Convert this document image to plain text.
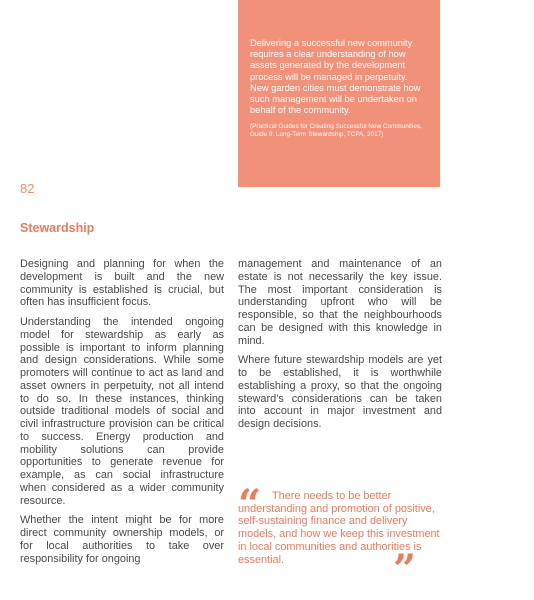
Delivering a successful new community requires a clear understanding of how assets generated by the development process will be managed in perpetuity. New garden cities must demonstrate how such management will be undertaken on behalf of the community.

(Practical Guides for Creating Successful New Communities, Guide 9: Long-Term Stewardship, TCPA, 2017)

82
Stewardship

Designing and planning for when the development is built and the new community is established is crucial, but often has insufficient focus.

Understanding the intended ongoing model for stewardship as early as possible is important to inform planning and design considerations. While some promoters will continue to act as land and asset owners in perpetuity, not all intend to do so. In these instances, thinking outside traditional models of social and civil infrastructure provision can be critical to success. Energy production and mobility solutions can provide opportunities to generate revenue for example, as can social infrastructure when considered as a wider community resource.

Whether the intent might be for more direct community ownership models, or for local authorities to take over responsibility for ongoing

management and maintenance of an estate is not necessarily the key issue. The most important consideration is understanding upfront who will be responsible, so that the neighbourhoods can be designed with this knowledge in mind.

Where future stewardship models are yet to be established, it is worthwhile establishing a proxy, so that the ongoing steward’s considerations can be taken into account in major investment and design decisions.

“	There needs to be better understanding and promotion of positive, self-sustaining finance and delivery models, and how we keep this investment in local communities and authorities is essential.	”
